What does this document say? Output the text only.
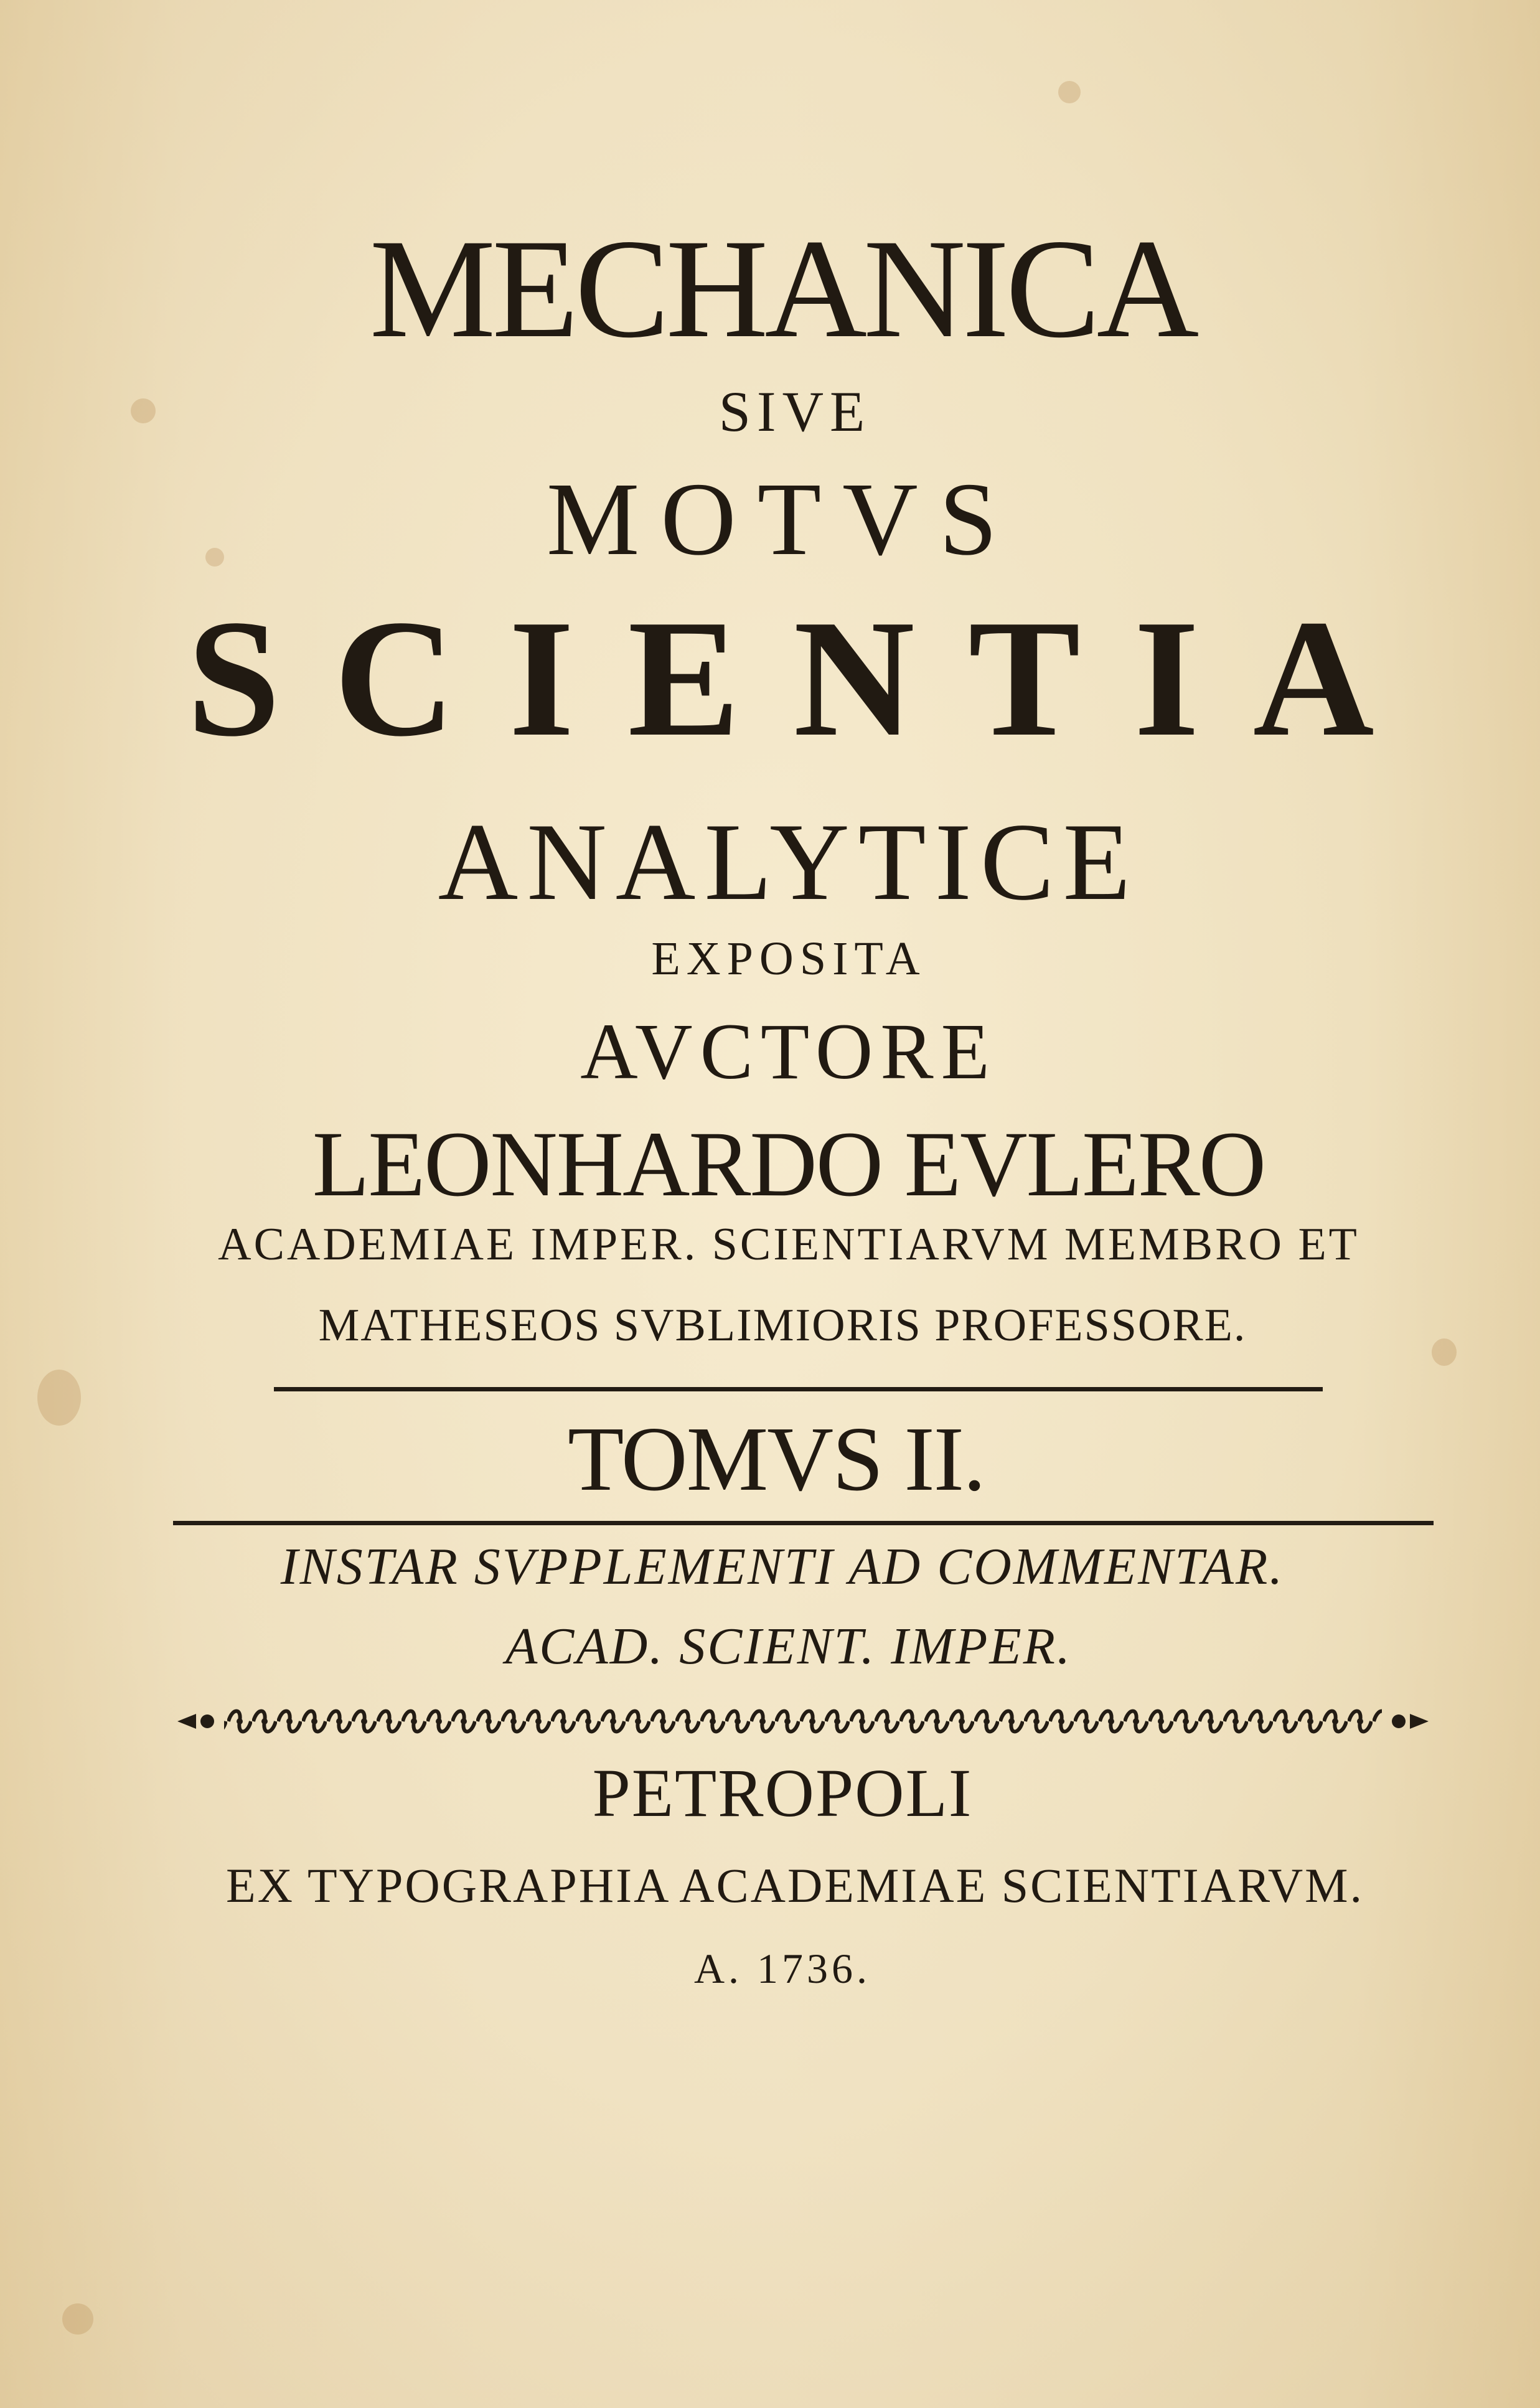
MECHANICA
SIVE
MOTVS
SCIENTIA
ANALYTICE
EXPOSITA
AVCTORE
LEONHARDO EVLERO
ACADEMIAE IMPER. SCIENTIARVM MEMBRO ET
MATHESEOS SVBLIMIORIS PROFESSORE.
TOMVS II.
INSTAR SVPPLEMENTI AD COMMENTAR.
ACAD. SCIENT. IMPER.
PETROPOLI
EX TYPOGRAPHIA ACADEMIAE SCIENTIARVM.
A. 1736.
